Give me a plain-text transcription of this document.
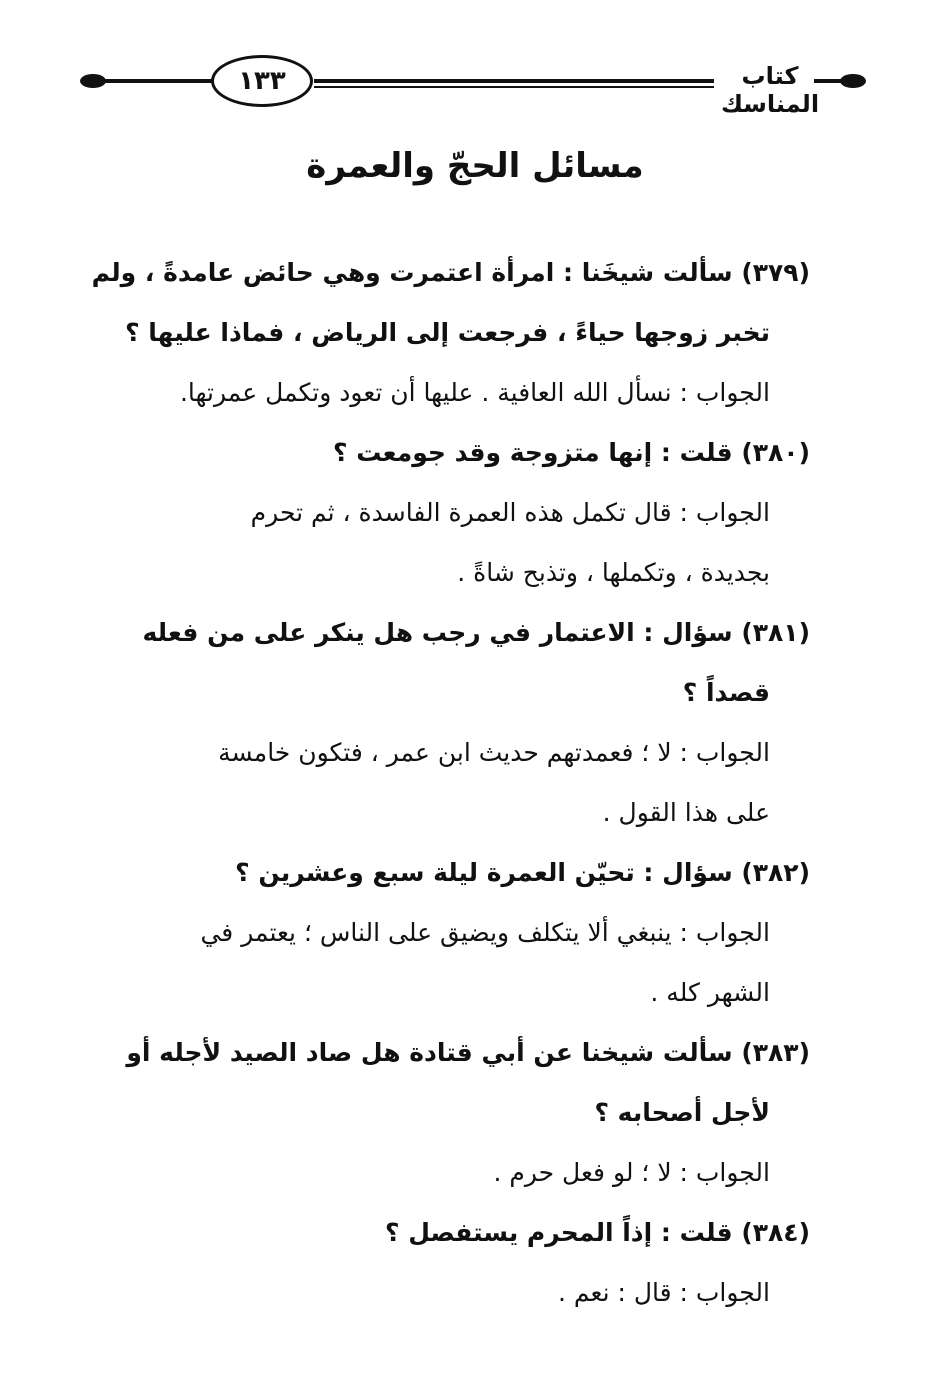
١٣٣	كتاب المناسك
مسائل الحجّ والعمرة
(٣٧٩) سألت شيخَنا : امرأة اعتمرت وهي حائض عامدةً ، ولم
تخبر زوجها حياءً ، فرجعت إلى الرياض ، فماذا عليها ؟
الجواب : نسأل الله العافية . عليها أن تعود وتكمل عمرتها.
(٣٨٠) قلت : إنها متزوجة وقد جومعت ؟
الجواب : قال تكمل هذه العمرة الفاسدة ، ثم تحرم
بجديدة ، وتكملها ، وتذبح شاةً .
(٣٨١) سؤال : الاعتمار في رجب هل ينكر على من فعله
قصداً ؟
الجواب : لا ؛ فعمدتهم حديث ابن عمر ، فتكون خامسة
على هذا القول .
(٣٨٢) سؤال : تحيّن العمرة ليلة سبع وعشرين ؟
الجواب : ينبغي ألا يتكلف ويضيق على الناس ؛ يعتمر في
الشهر كله .
(٣٨٣) سألت شيخنا عن أبي قتادة هل صاد الصيد لأجله أو
لأجل أصحابه ؟
الجواب : لا ؛ لو فعل حرم .
(٣٨٤) قلت : إذاً المحرم يستفصل ؟
الجواب : قال : نعم .
